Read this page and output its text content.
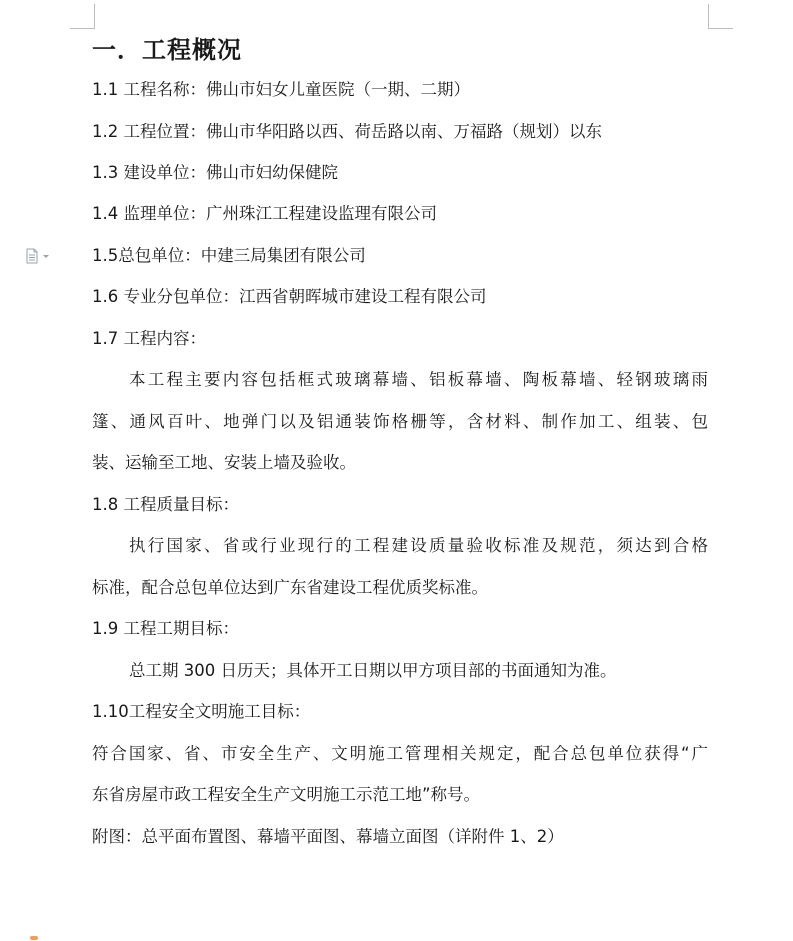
一．工程概况
1.1 工程名称：佛山市妇女儿童医院（一期、二期）
1.2 工程位置：佛山市华阳路以西、荷岳路以南、万福路（规划）以东
1.3 建设单位：佛山市妇幼保健院
1.4 监理单位：广州珠江工程建设监理有限公司
1.5总包单位：中建三局集团有限公司
1.6 专业分包单位：江西省朝晖城市建设工程有限公司
1.7 工程内容：
本工程主要内容包括框式玻璃幕墙、铝板幕墙、陶板幕墙、轻钢玻璃雨
篷、通风百叶、地弹门以及铝通装饰格栅等，含材料、制作加工、组装、包
装、运输至工地、安装上墙及验收。
1.8 工程质量目标：
执行国家、省或行业现行的工程建设质量验收标准及规范，须达到合格
标准，配合总包单位达到广东省建设工程优质奖标准。
1.9 工程工期目标：
总工期 300 日历天；具体开工日期以甲方项目部的书面通知为准。
1.10工程安全文明施工目标：
符合国家、省、市安全生产、文明施工管理相关规定，配合总包单位获得“广
东省房屋市政工程安全生产文明施工示范工地”称号。
附图：总平面布置图、幕墙平面图、幕墙立面图（详附件 1、2）
